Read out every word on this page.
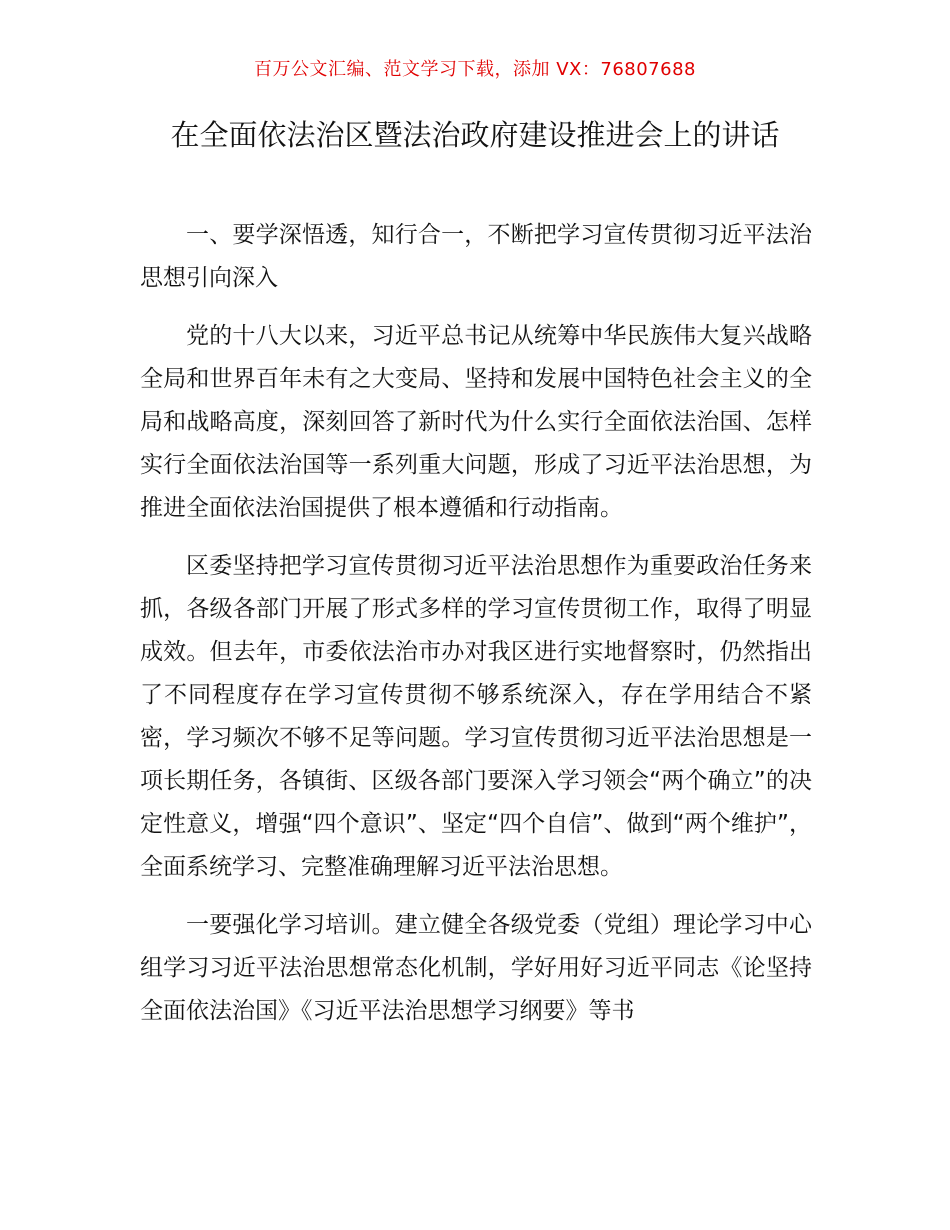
百万公文汇编、范文学习下载，添加 VX：76807688
在全面依法治区暨法治政府建设推进会上的讲话

一、要学深悟透，知行合一，不断把学习宣传贯彻习近平法治思想引向深入

党的十八大以来，习近平总书记从统筹中华民族伟大复兴战略全局和世界百年未有之大变局、坚持和发展中国特色社会主义的全局和战略高度，深刻回答了新时代为什么实行全面依法治国、怎样实行全面依法治国等一系列重大问题，形成了习近平法治思想，为推进全面依法治国提供了根本遵循和行动指南。

区委坚持把学习宣传贯彻习近平法治思想作为重要政治任务来抓，各级各部门开展了形式多样的学习宣传贯彻工作，取得了明显成效。但去年，市委依法治市办对我区进行实地督察时，仍然指出了不同程度存在学习宣传贯彻不够系统深入，存在学用结合不紧密，学习频次不够不足等问题。学习宣传贯彻习近平法治思想是一项长期任务，各镇街、区级各部门要深入学习领会“两个确立”的决定性意义，增强“四个意识”、坚定“四个自信”、做到“两个维护”，全面系统学习、完整准确理解习近平法治思想。

一要强化学习培训。建立健全各级党委（党组）理论学习中心组学习习近平法治思想常态化机制，学好用好习近平同志《论坚持全面依法治国》《习近平法治思想学习纲要》等书
